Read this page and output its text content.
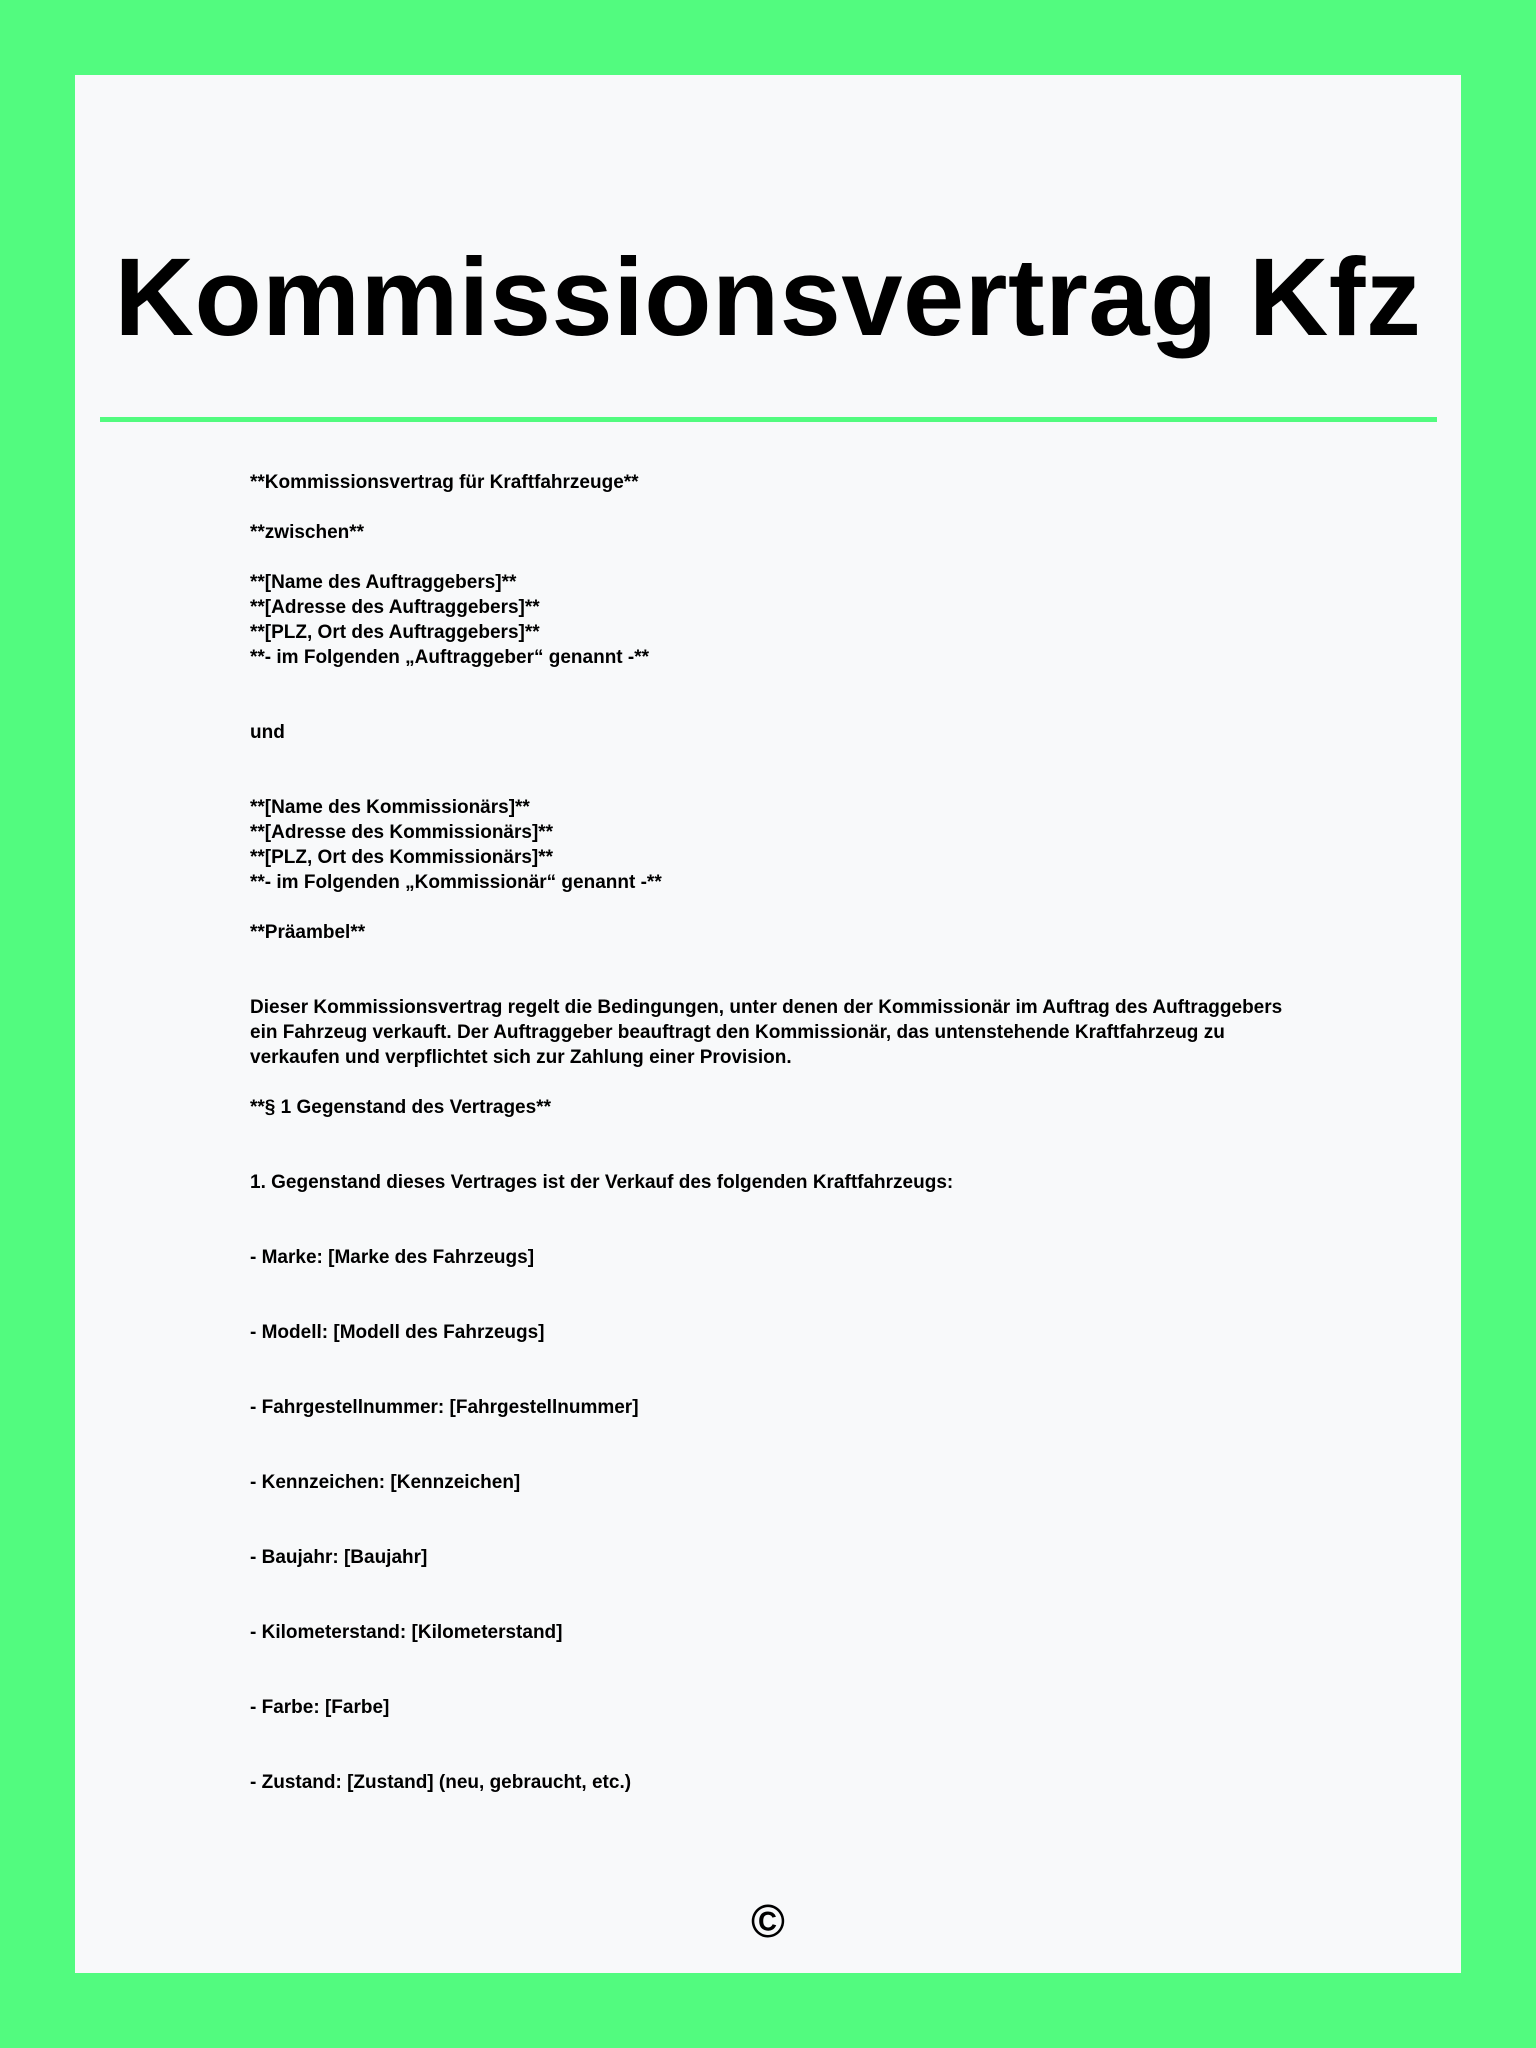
Kommissionsvertrag Kfz
**Kommissionsvertrag für Kraftfahrzeuge**
**zwischen**
**[Name des Auftraggebers]**
**[Adresse des Auftraggebers]**
**[PLZ, Ort des Auftraggebers]**
**- im Folgenden „Auftraggeber“ genannt -**
und
**[Name des Kommissionärs]**
**[Adresse des Kommissionärs]**
**[PLZ, Ort des Kommissionärs]**
**- im Folgenden „Kommissionär“ genannt -**
**Präambel**
Dieser Kommissionsvertrag regelt die Bedingungen, unter denen der Kommissionär im Auftrag des Auftraggebers ein Fahrzeug verkauft. Der Auftraggeber beauftragt den Kommissionär, das untenstehende Kraftfahrzeug zu verkaufen und verpflichtet sich zur Zahlung einer Provision.
**§ 1 Gegenstand des Vertrages**
1. Gegenstand dieses Vertrages ist der Verkauf des folgenden Kraftfahrzeugs:
- Marke: [Marke des Fahrzeugs]
- Modell: [Modell des Fahrzeugs]
- Fahrgestellnummer: [Fahrgestellnummer]
- Kennzeichen: [Kennzeichen]
- Baujahr: [Baujahr]
- Kilometerstand: [Kilometerstand]
- Farbe: [Farbe]
- Zustand: [Zustand] (neu, gebraucht, etc.)
©
